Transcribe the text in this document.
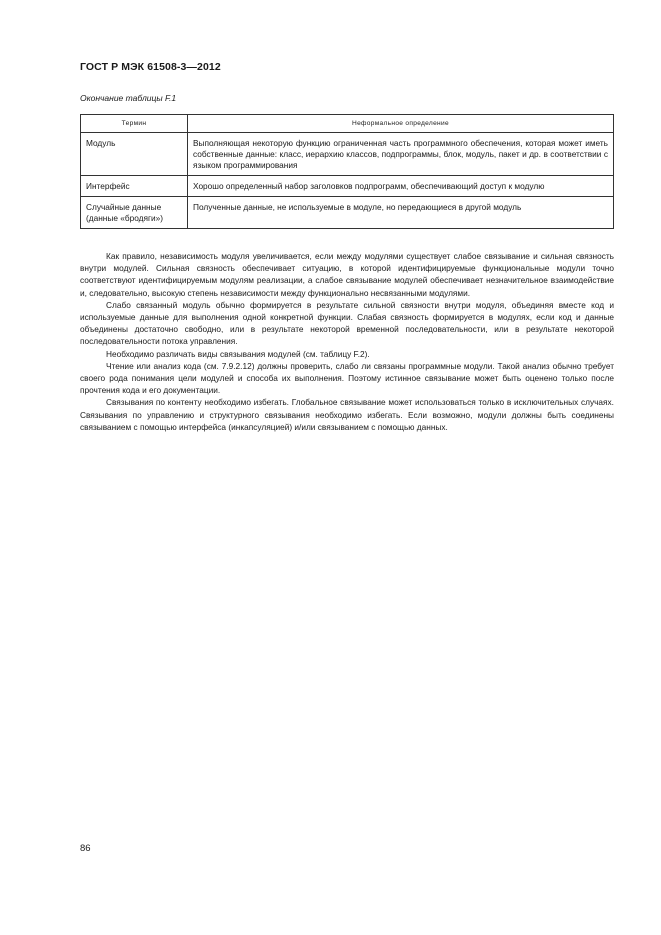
ГОСТ Р МЭК 61508-3—2012
Окончание таблицы F.1
Термин	Неформальное определение
Модуль	Выполняющая некоторую функцию ограниченная часть программного обеспечения, которая может иметь собственные данные: класс, иерархию классов, подпрограммы, блок, модуль, пакет и др. в соответствии с языком программирования
Интерфейс	Хорошо определенный набор заголовков подпрограмм, обеспечивающий доступ к модулю
Случайные данные (данные «бродяги»)	Полученные данные, не используемые в модуле, но передающиеся в другой модуль

Как правило, независимость модуля увеличивается, если между модулями существует слабое связывание и сильная связность внутри модулей. Сильная связность обеспечивает ситуацию, в которой идентифицируемые функциональные модули точно соответствуют идентифицируемым модулям реализации, а слабое связывание модулей обеспечивает незначительное взаимодействие и, следовательно, высокую степень независимости между функционально несвязанными модулями.

Слабо связанный модуль обычно формируется в результате сильной связности внутри модуля, объединяя вместе код и используемые данные для выполнения одной конкретной функции. Слабая связность формируется в модулях, если код и данные объединены достаточно свободно, или в результате некоторой временной последовательности, или в результате некоторой последовательности потока управления.

Необходимо различать виды связывания модулей (см. таблицу F.2).

Чтение или анализ кода (см. 7.9.2.12) должны проверить, слабо ли связаны программные модули. Такой анализ обычно требует своего рода понимания цели модулей и способа их выполнения. Поэтому истинное связывание может быть оценено только после прочтения кода и его документации.

Связывания по контенту необходимо избегать. Глобальное связывание может использоваться только в исключительных случаях. Связывания по управлению и структурного связывания необходимо избегать. Если возможно, модули должны быть соединены связыванием с помощью интерфейса (инкапсуляцией) и/или связыванием с помощью данных.

86
